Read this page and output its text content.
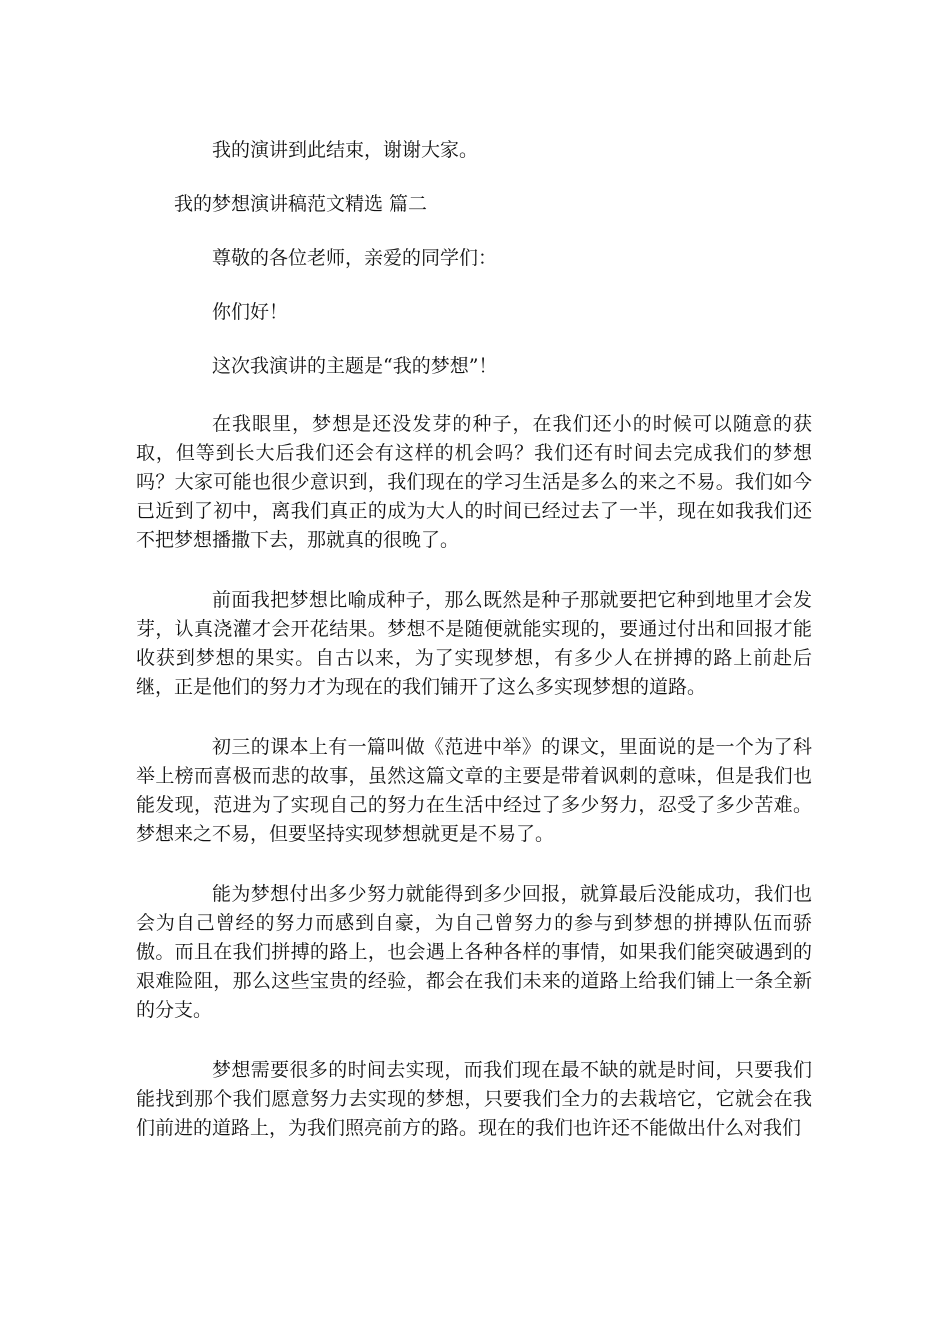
我的演讲到此结束，谢谢大家。

我的梦想演讲稿范文精选 篇二

尊敬的各位老师，亲爱的同学们：

你们好！

这次我演讲的主题是“我的梦想”！

在我眼里，梦想是还没发芽的种子，在我们还小的时候可以随意的获取，但等到长大后我们还会有这样的机会吗？我们还有时间去完成我们的梦想吗？大家可能也很少意识到，我们现在的学习生活是多么的来之不易。我们如今已近到了初中，离我们真正的成为大人的时间已经过去了一半，现在如我我们还不把梦想播撒下去，那就真的很晚了。

前面我把梦想比喻成种子，那么既然是种子那就要把它种到地里才会发芽，认真浇灌才会开花结果。梦想不是随便就能实现的，要通过付出和回报才能收获到梦想的果实。自古以来，为了实现梦想，有多少人在拼搏的路上前赴后继，正是他们的努力才为现在的我们铺开了这么多实现梦想的道路。

初三的课本上有一篇叫做《范进中举》的课文，里面说的是一个为了科举上榜而喜极而悲的故事，虽然这篇文章的主要是带着讽刺的意味，但是我们也能发现，范进为了实现自己的努力在生活中经过了多少努力，忍受了多少苦难。梦想来之不易，但要坚持实现梦想就更是不易了。

能为梦想付出多少努力就能得到多少回报，就算最后没能成功，我们也会为自己曾经的努力而感到自豪，为自己曾努力的参与到梦想的拼搏队伍而骄傲。而且在我们拼搏的路上，也会遇上各种各样的事情，如果我们能突破遇到的艰难险阻，那么这些宝贵的经验，都会在我们未来的道路上给我们铺上一条全新的分支。

梦想需要很多的时间去实现，而我们现在最不缺的就是时间，只要我们能找到那个我们愿意努力去实现的梦想，只要我们全力的去栽培它，它就会在我们前进的道路上，为我们照亮前方的路。现在的我们也许还不能做出什么对我们
